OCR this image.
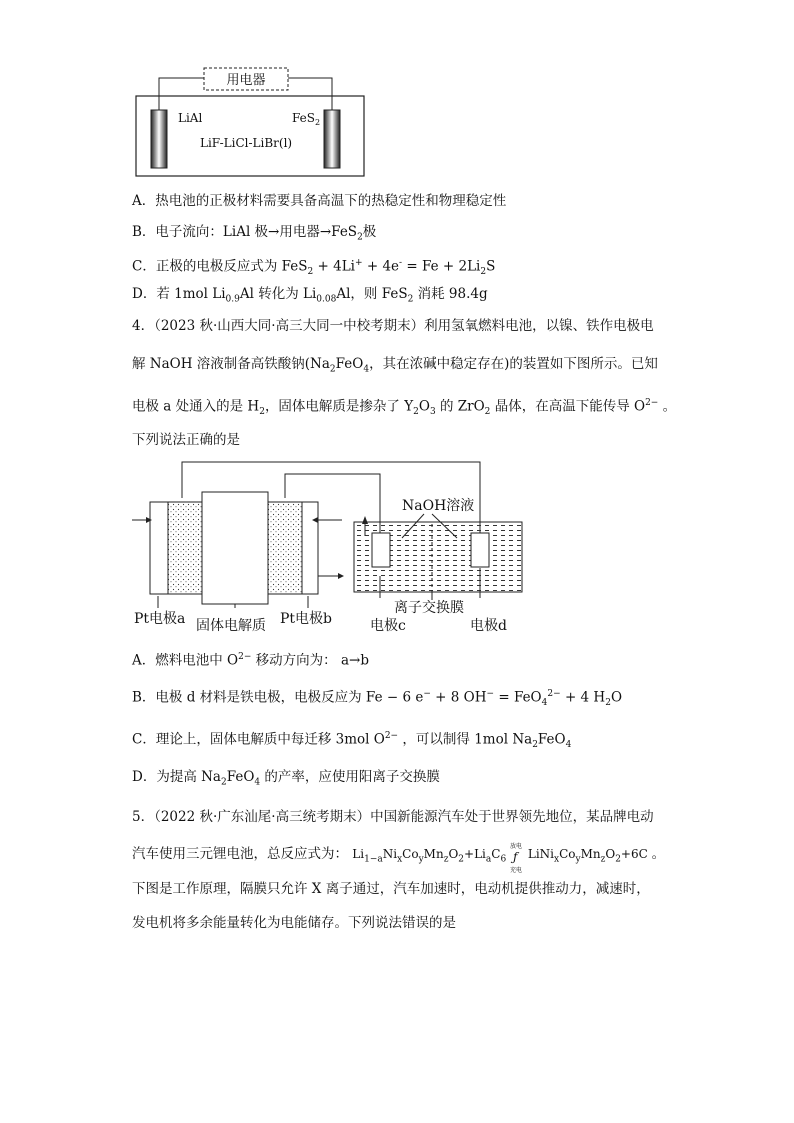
用电器
LiAl	FeS$_2$
LiF-LiCl-LiBr(l)
A．热电池的正极材料需要具备高温下的热稳定性和物理稳定性
B．电子流向：LiAl 极→用电器→FeS$_2$极
C．正极的电极反应式为 $FeS_2 + 4Li^+ + 4e^- = Fe + 2Li_2S$
D．若 1mol $Li_{0.9}Al$ 转化为 $Li_{0.08}Al$，则 FeS$_2$ 消耗 98.4g
4．（2023 秋·山西大同·高三大同一中校考期末）利用氢氧燃料电池，以镍、铁作电极电
解 NaOH 溶液制备高铁酸钠($Na_2FeO_4$，其在浓碱中稳定存在)的装置如下图所示。已知
电极 a 处通入的是 $H_2$，固体电解质是掺杂了 $Y_2O_3$ 的 ZrO$_2$ 晶体，在高温下能传导 $O^{2-}$ 。
下列说法正确的是
NaOH溶液
Pt电极a 固体电解质 Pt电极b
离子交换膜
电极c	电极d
A．燃料电池中 $O^{2-}$ 移动方向为： a→b
B．电极 d 材料是铁电极，电极反应为 Fe − 6 e− + 8 OH− = FeO$_4^{2-}$ + 4 $H_2O$
C．理论上，固体电解质中每迁移 3mol $O^{2-}$ ，可以制得 1mol $Na_2FeO_4$
D．为提高 $Na_2FeO_4$ 的产率，应使用阳离子交换膜
5．（2022 秋·广东汕尾·高三统考期末）中国新能源汽车处于世界领先地位，某品牌电动
汽车使用三元锂电池，总反应式为： $Li_{1-a}Ni_xCo_yMn_zO_2+Li_aC_6$
放电
ƒ
充电
$LiNi_xCo_yMn_zO_2+6C$ 。
下图是工作原理，隔膜只允许 X 离子通过，汽车加速时，电动机提供推动力，减速时，
发电机将多余能量转化为电能储存。下列说法错误的是
